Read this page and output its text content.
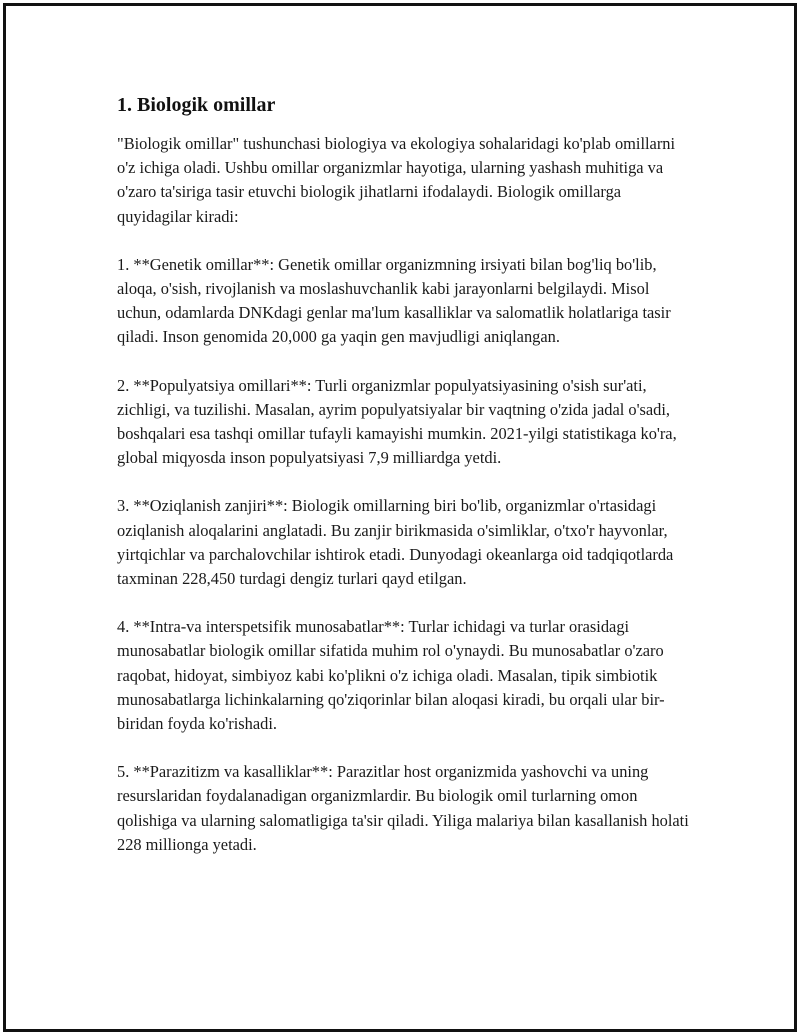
1. Biologik omillar

"Biologik omillar" tushunchasi biologiya va ekologiya sohalaridagi ko'plab omillarni o'z ichiga oladi. Ushbu omillar organizmlar hayotiga, ularning yashash muhitiga va o'zaro ta'siriga tasir etuvchi biologik jihatlarni ifodalaydi. Biologik omillarga quyidagilar kiradi:

1. **Genetik omillar**: Genetik omillar organizmning irsiyati bilan bog'liq bo'lib, aloqa, o'sish, rivojlanish va moslashuvchanlik kabi jarayonlarni belgilaydi. Misol uchun, odamlarda DNKdagi genlar ma'lum kasalliklar va salomatlik holatlariga tasir qiladi. Inson genomida 20,000 ga yaqin gen mavjudligi aniqlangan.

2. **Populyatsiya omillari**: Turli organizmlar populyatsiyasining o'sish sur'ati, zichligi, va tuzilishi. Masalan, ayrim populyatsiyalar bir vaqtning o'zida jadal o'sadi, boshqalari esa tashqi omillar tufayli kamayishi mumkin. 2021-yilgi statistikaga ko'ra, global miqyosda inson populyatsiyasi 7,9 milliardga yetdi.

3. **Oziqlanish zanjiri**: Biologik omillarning biri bo'lib, organizmlar o'rtasidagi oziqlanish aloqalarini anglatadi. Bu zanjir birikmasida o'simliklar, o'txo'r hayvonlar, yirtqichlar va parchalovchilar ishtirok etadi. Dunyodagi okeanlarga oid tadqiqotlarda taxminan 228,450 turdagi dengiz turlari qayd etilgan.

4. **Intra-va interspetsifik munosabatlar**: Turlar ichidagi va turlar orasidagi munosabatlar biologik omillar sifatida muhim rol o'ynaydi. Bu munosabatlar o'zaro raqobat, hidoyat, simbiyoz kabi ko'plikni o'z ichiga oladi. Masalan, tipik simbiotik munosabatlarga lichinkalarning qo'ziqorinlar bilan aloqasi kiradi, bu orqali ular bir-biridan foyda ko'rishadi.

5. **Parazitizm va kasalliklar**: Parazitlar host organizmida yashovchi va uning resurslaridan foydalanadigan organizmlardir. Bu biologik omil turlarning omon qolishiga va ularning salomatligiga ta'sir qiladi. Yiliga malariya bilan kasallanish holati 228 millionga yetadi.
